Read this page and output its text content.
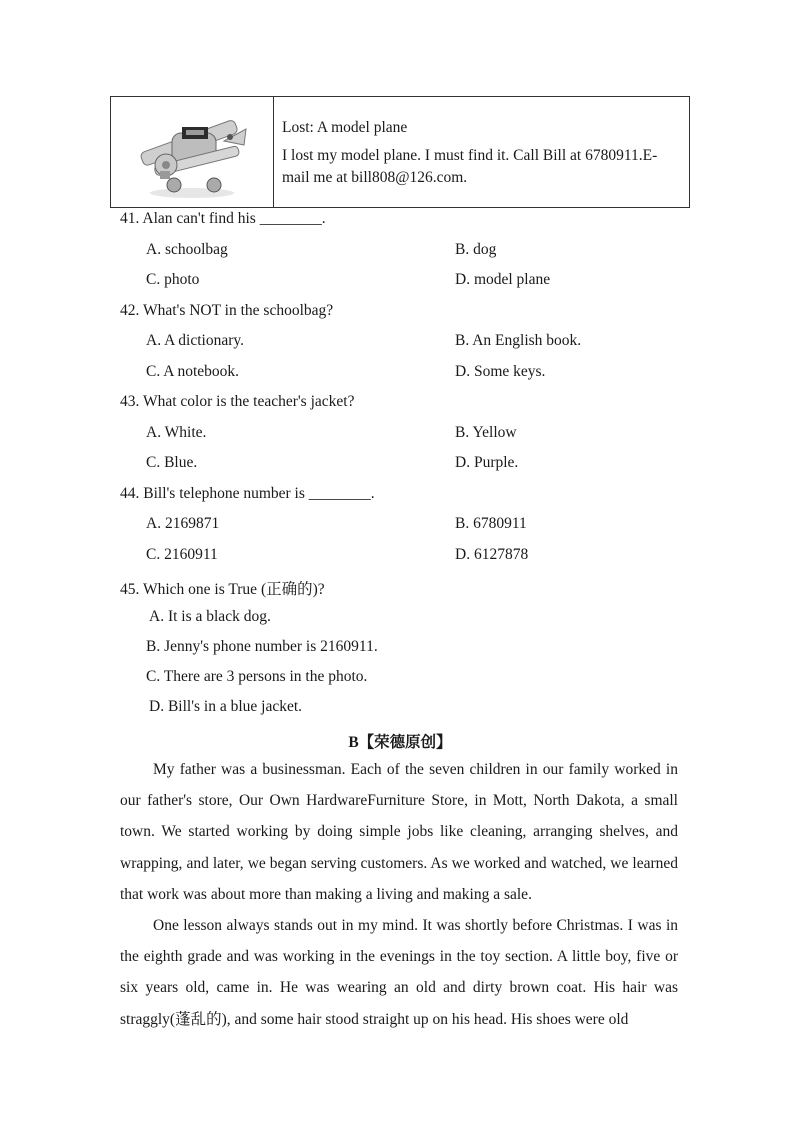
Lost: A model plane
I lost my model plane. I must find it. Call Bill at 6780911.E-mail me at bill808@126.com.
41. Alan can't find his ________.
A. schoolbag	B. dog
C. photo	D. model plane
42. What's NOT in the schoolbag?
A. A dictionary.	B. An English book.
C. A notebook.	D. Some keys.
43. What color is the teacher's jacket?
A. White.	B. Yellow
C. Blue.	D. Purple.
44. Bill's telephone number is ________.
A. 2169871	B. 6780911
C. 2160911	D. 6127878
45. Which one is True (正确的)?
A. It is a black dog.
B. Jenny's phone number is 2160911.
C. There are 3 persons in the photo.
D. Bill's in a blue jacket.
B【荣德原创】
My father was a businessman. Each of the seven children in our family worked in our father's store, Our Own HardwareFurniture Store, in Mott, North Dakota, a small town. We started working by doing simple jobs like cleaning, arranging shelves, and wrapping, and later, we began serving customers. As we worked and watched, we learned that work was about more than making a living and making a sale.
One lesson always stands out in my mind. It was shortly before Christmas. I was in the eighth grade and was working in the evenings in the toy section. A little boy, five or six years old, came in. He was wearing an old and dirty brown coat. His hair was straggly(蓬乱的), and some hair stood straight up on his head. His shoes were old
